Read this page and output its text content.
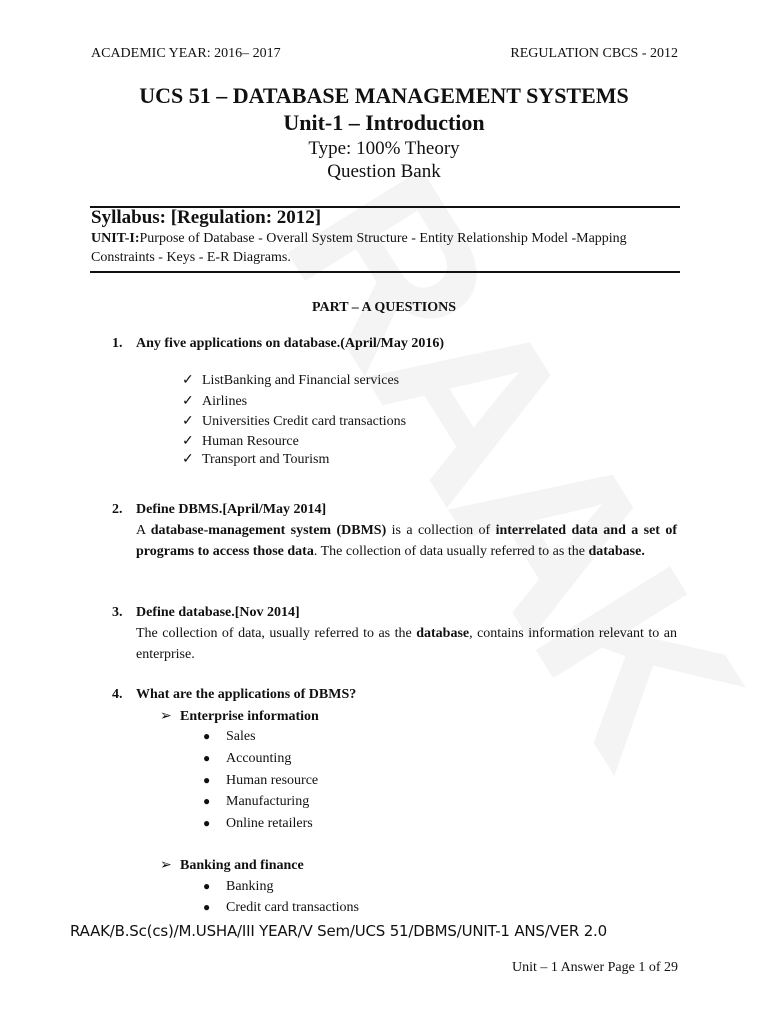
ACADEMIC YEAR: 2016– 2017	REGULATION CBCS - 2012
UCS 51 – DATABASE MANAGEMENT SYSTEMS
Unit-1 – Introduction
Type: 100% Theory
Question Bank
Syllabus: [Regulation: 2012]
UNIT-I:Purpose of Database - Overall System Structure - Entity Relationship Model -Mapping Constraints - Keys - E-R Diagrams.
PART – A QUESTIONS
1. Any five applications on database.(April/May 2016)
✓ ListBanking and Financial services
✓ Airlines
✓ Universities Credit card transactions
✓ Human Resource
✓ Transport and Tourism
2. Define DBMS.[April/May 2014]
A database-management system (DBMS) is a collection of interrelated data and a set of programs to access those data. The collection of data usually referred to as the database.
3. Define database.[Nov 2014]
The collection of data, usually referred to as the database, contains information relevant to an enterprise.
4. What are the applications of DBMS?
➢ Enterprise information
● Sales
● Accounting
● Human resource
● Manufacturing
● Online retailers
➢ Banking and finance
● Banking
● Credit card transactions
RAAK/B.Sc(cs)/M.USHA/III YEAR/V Sem/UCS 51/DBMS/UNIT-1 ANS/VER 2.0
Unit – 1 Answer Page 1 of 29
